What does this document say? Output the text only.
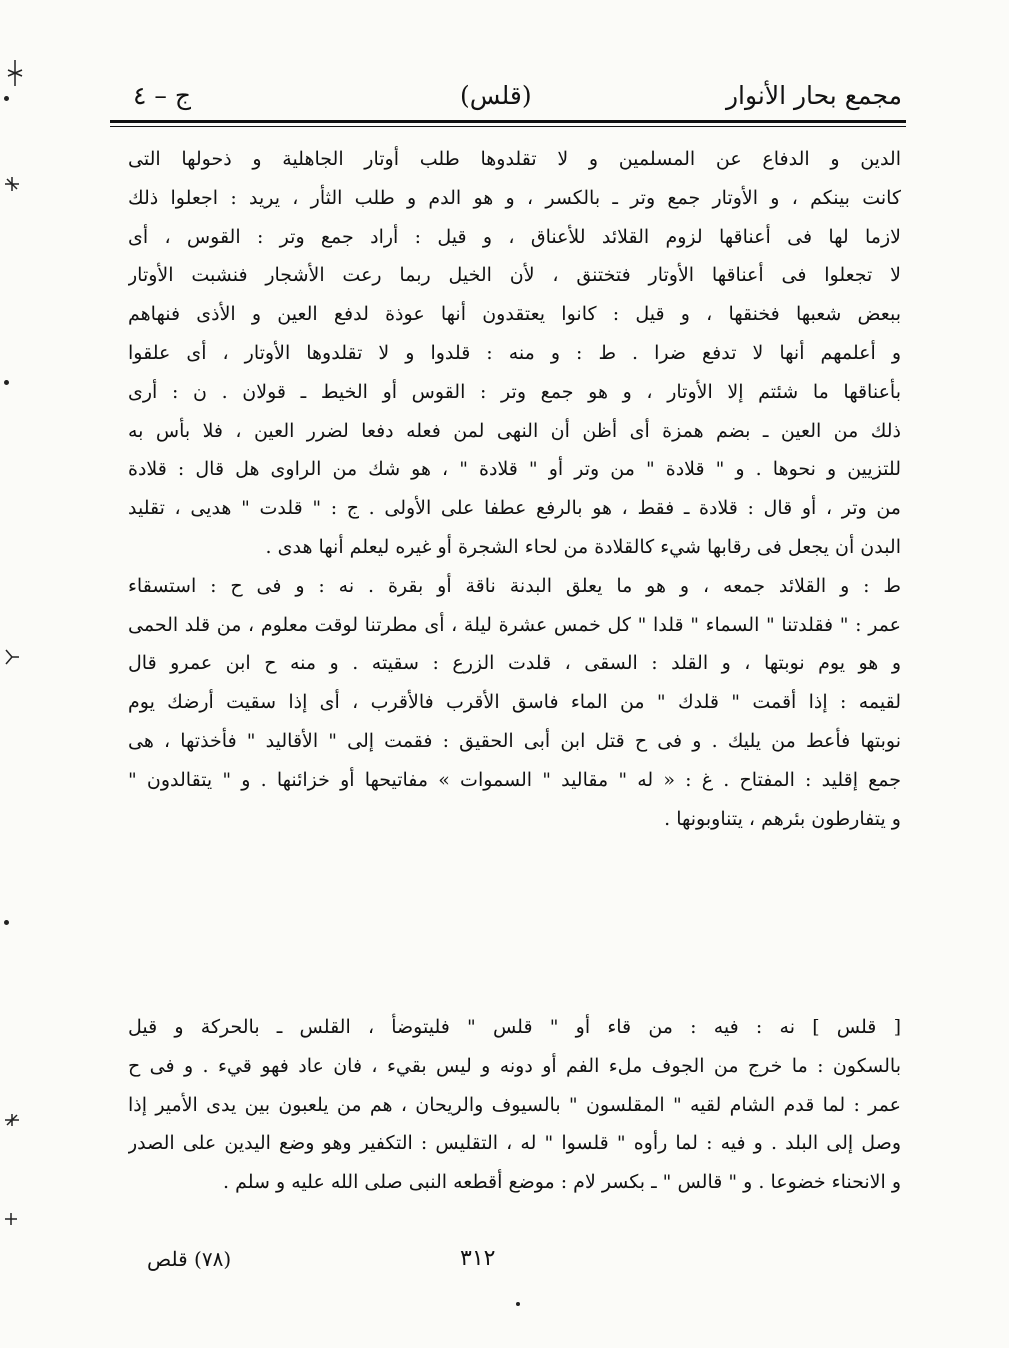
مجمع بحار الأنوار
(قلس)
ج – ٤
الدين و الدفاع عن المسلمين و لا تقلدوها طلب أوتار الجاهلية و ذحولها التى
كانت بينكم ، و الأوتار جمع وتر ـ بالكسر ، و هو الدم و طلب الثأر ، يريد : اجعلوا ذلك
لازما لها فى أعناقها لزوم القلائد للأعناق ، و قيل : أراد جمع وتر : القوس ، أى
لا تجعلوا فى أعناقها الأوتار فتختنق ، لأن الخيل ربما رعت الأشجار فنشبت الأوتار
ببعض شعبها فخنقها ، و قيل : كانوا يعتقدون أنها عوذة لدفع العين و الأذى فنهاهم
و أعلمهم أنها لا تدفع ضرا . ط : و منه : قلدوا و لا تقلدوها الأوتار ، أى علقوا
بأعناقها ما شئتم إلا الأوتار ، و هو جمع وتر : القوس أو الخيط ـ قولان . ن : أرى
ذلك من العين ـ بضم همزة أى أظن أن النهى لمن فعله دفعا لضرر العين ، فلا بأس به
للتزيين و نحوها . و " قلادة " من وتر أو " قلادة " ، هو شك من الراوى هل قال : قلادة
من وتر ، أو قال : قلادة ـ فقط ، هو بالرفع عطفا على الأولى . ج : " قلدت " هديى ، تقليد
البدن أن يجعل فى رقابها شيء كالقلادة من لحاء الشجرة أو غيره ليعلم أنها هدى .
ط : و القلائد جمعه ، و هو ما يعلق البدنة ناقة أو بقرة . نه : و فى ح : استسقاء
عمر : " فقلدتنا " السماء " قلدا " كل خمس عشرة ليلة ، أى مطرتنا لوقت معلوم ، من قلد الحمى
و هو يوم نوبتها ، و القلد : السقى ، قلدت الزرع : سقيته . و منه ح ابن عمرو قال
لقيمه : إذا أقمت " قلدك " من الماء فاسق الأقرب فالأقرب ، أى إذا سقيت أرضك يوم
نوبتها فأعط من يليك . و فى ح قتل ابن أبى الحقيق : فقمت إلى " الأقاليد " فأخذتها ، هى
جمع إقليد : المفتاح . غ : « له " مقاليد " السموات » مفاتيحها أو خزائنها . و " يتقالدون "
و يتفارطون بئرهم ، يتناوبونها .
[ قلس ] نه : فيه : من قاء أو " قلس " فليتوضأ ، القلس ـ بالحركة و قيل
بالسكون : ما خرج من الجوف ملء الفم أو دونه و ليس بقيء ، فان عاد فهو قيء . و فى ح
عمر : لما قدم الشام لقيه " المقلسون " بالسيوف والريحان ، هم من يلعبون بين يدى الأمير إذا
وصل إلى البلد . و فيه : لما رأوه " قلسوا " له ، التقليس : التكفير وهو وضع اليدين على الصدر
و الانحناء خضوعا . و " قالس " ـ بكسر لام : موضع أقطعه النبى صلى الله عليه و سلم .
٣١٢
(٧٨) قلص
